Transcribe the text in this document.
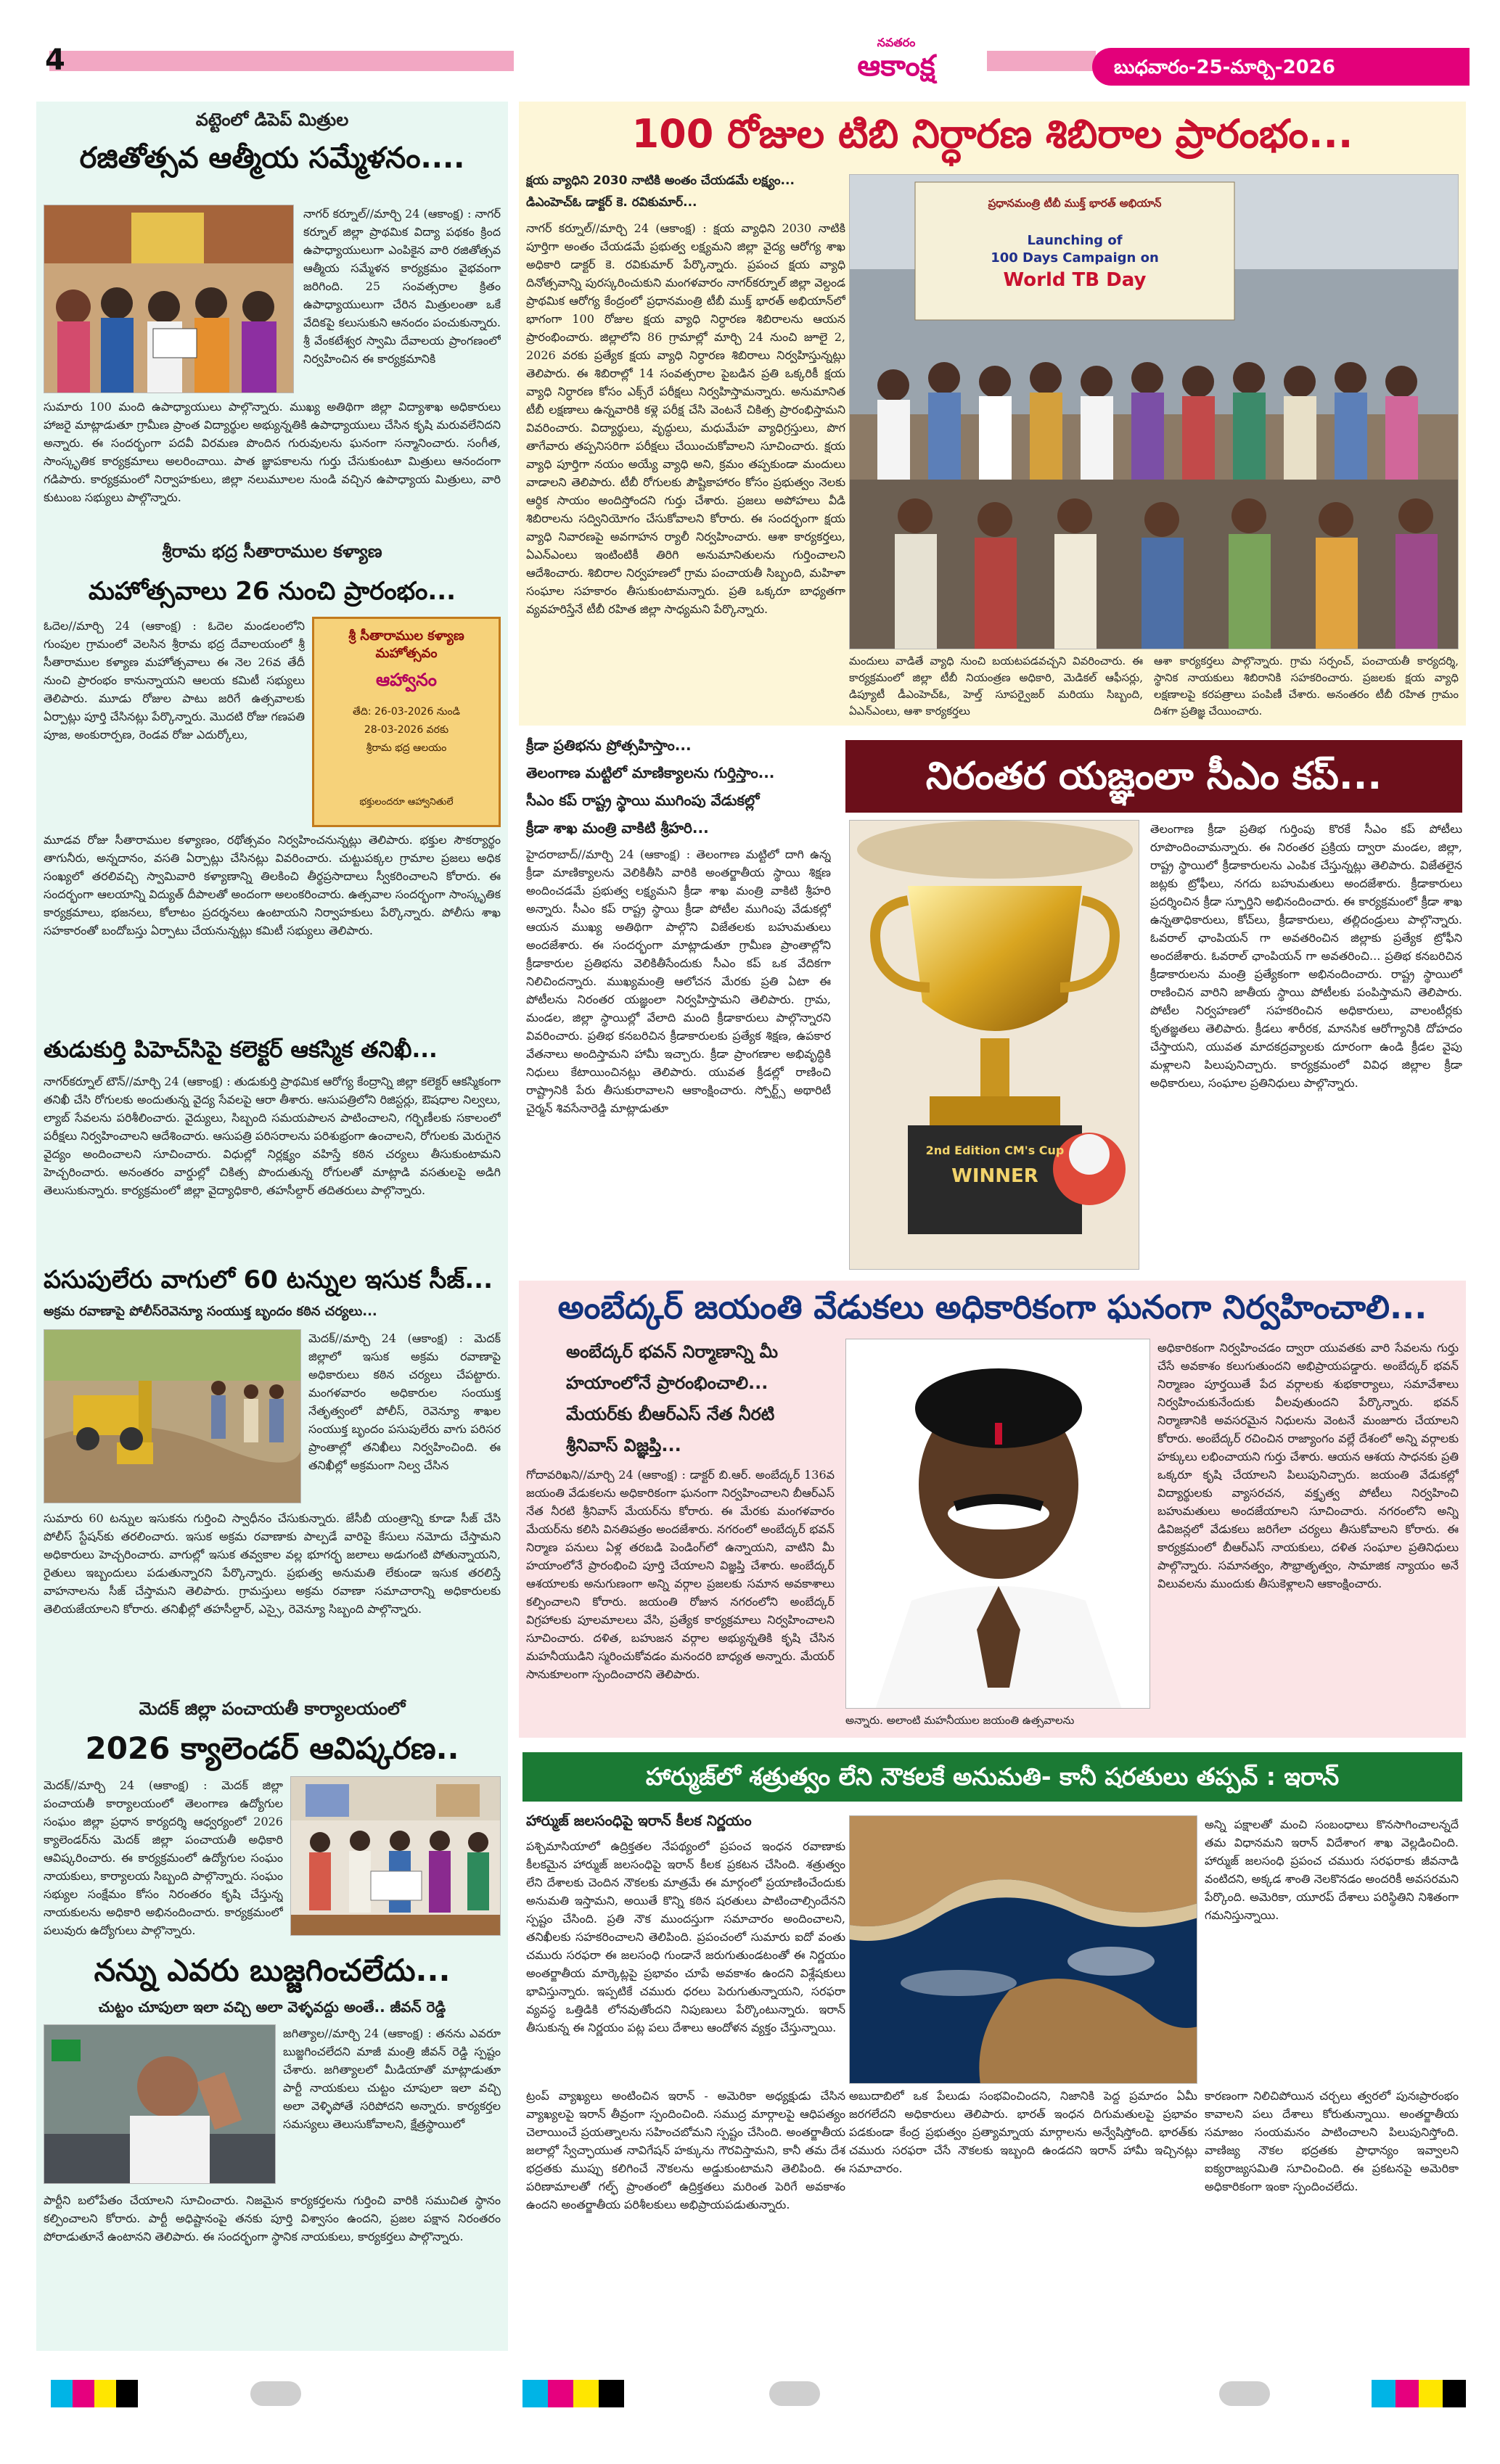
4
నవతరం
ఆకాంక్ష	బుధవారం-25-మార్చి-2026
వట్టెంలో డిపెప్ మిత్రుల
రజితోత్సవ ఆత్మీయ సమ్మేళనం....
నాగర్ కర్నూల్//మార్చి 24 (ఆకాంక్ష) : నాగర్ కర్నూల్ జిల్లా ప్రాథమిక విద్యా పథకం క్రింద ఉపాధ్యాయులుగా ఎంపికైన వారి రజితోత్సవ ఆత్మీయ సమ్మేళన కార్యక్రమం వైభవంగా జరిగింది. 25 సంవత్సరాల క్రితం ఉపాధ్యాయులుగా చేరిన మిత్రులంతా ఒకే వేదికపై కలుసుకుని ఆనందం పంచుకున్నారు. శ్రీ వేంకటేశ్వర స్వామి దేవాలయ ప్రాంగణంలో నిర్వహించిన ఈ కార్యక్రమానికి
సుమారు 100 మంది ఉపాధ్యాయులు పాల్గొన్నారు. ముఖ్య అతిథిగా జిల్లా విద్యాశాఖ అధికారులు హాజరై మాట్లాడుతూ గ్రామీణ ప్రాంత విద్యార్థుల అభ్యున్నతికి ఉపాధ్యాయులు చేసిన కృషి మరువలేనిదని అన్నారు. ఈ సందర్భంగా పదవీ విరమణ పొందిన గురువులను ఘనంగా సన్మానించారు. సంగీత, సాంస్కృతిక కార్యక్రమాలు అలరించాయి. పాత జ్ఞాపకాలను గుర్తు చేసుకుంటూ మిత్రులు ఆనందంగా గడిపారు. కార్యక్రమంలో నిర్వాహకులు, జిల్లా నలుమూలల నుండి వచ్చిన ఉపాధ్యాయ మిత్రులు, వారి కుటుంబ సభ్యులు పాల్గొన్నారు.
శ్రీరామ భద్ర సీతారాముల కళ్యాణ
మహోత్సవాలు 26 నుంచి ప్రారంభం...
ఓదెల//మార్చి 24 (ఆకాంక్ష) : ఓదెల మండలంలోని గుంపుల గ్రామంలో వెలసిన శ్రీరామ భద్ర దేవాలయంలో శ్రీ సీతారాముల కళ్యాణ మహోత్సవాలు ఈ నెల 26వ తేదీ నుంచి ప్రారంభం కానున్నాయని ఆలయ కమిటీ సభ్యులు తెలిపారు. మూడు రోజుల పాటు జరిగే ఉత్సవాలకు ఏర్పాట్లు పూర్తి చేసినట్లు పేర్కొన్నారు. మొదటి రోజు గణపతి పూజ, అంకురార్పణ, రెండవ రోజు ఎదుర్కోలు,
శ్రీ సీతారాముల కళ్యాణ మహోత్సవం
ఆహ్వానం
తేది: 26-03-2026 నుండి
28-03-2026 వరకు
శ్రీరామ భద్ర ఆలయం
భక్తులందరూ ఆహ్వానితులే
మూడవ రోజు సీతారాముల కళ్యాణం, రథోత్సవం నిర్వహించనున్నట్లు తెలిపారు. భక్తుల సౌకర్యార్థం తాగునీరు, అన్నదానం, వసతి ఏర్పాట్లు చేసినట్లు వివరించారు. చుట్టుపక్కల గ్రామాల ప్రజలు అధిక సంఖ్యలో తరలివచ్చి స్వామివారి కళ్యాణాన్ని తిలకించి తీర్థప్రసాదాలు స్వీకరించాలని కోరారు. ఈ సందర్భంగా ఆలయాన్ని విద్యుత్ దీపాలతో అందంగా అలంకరించారు. ఉత్సవాల సందర్భంగా సాంస్కృతిక కార్యక్రమాలు, భజనలు, కోలాటం ప్రదర్శనలు ఉంటాయని నిర్వాహకులు పేర్కొన్నారు. పోలీసు శాఖ సహకారంతో బందోబస్తు ఏర్పాటు చేయనున్నట్లు కమిటీ సభ్యులు తెలిపారు.
తుడుకుర్తి పిహెచ్‌సిపై కలెక్టర్ ఆకస్మిక తనిఖీ...
నాగర్‌కర్నూల్ టౌన్//మార్చి 24 (ఆకాంక్ష) : తుడుకుర్తి ప్రాథమిక ఆరోగ్య కేంద్రాన్ని జిల్లా కలెక్టర్ ఆకస్మికంగా తనిఖీ చేసి రోగులకు అందుతున్న వైద్య సేవలపై ఆరా తీశారు. ఆసుపత్రిలోని రిజిస్టర్లు, ఔషధాల నిల్వలు, ల్యాబ్ సేవలను పరిశీలించారు. వైద్యులు, సిబ్బంది సమయపాలన పాటించాలని, గర్భిణీలకు సకాలంలో పరీక్షలు నిర్వహించాలని ఆదేశించారు. ఆసుపత్రి పరిసరాలను పరిశుభ్రంగా ఉంచాలని, రోగులకు మెరుగైన వైద్యం అందించాలని సూచించారు. విధుల్లో నిర్లక్ష్యం వహిస్తే కఠిన చర్యలు తీసుకుంటామని హెచ్చరించారు. అనంతరం వార్డుల్లో చికిత్స పొందుతున్న రోగులతో మాట్లాడి వసతులపై అడిగి తెలుసుకున్నారు. కార్యక్రమంలో జిల్లా వైద్యాధికారి, తహసీల్దార్ తదితరులు పాల్గొన్నారు.
పసుపులేరు వాగులో 60 టన్నుల ఇసుక సీజ్...
అక్రమ రవాణాపై పోలీస్‌రెవెన్యూ సంయుక్త బృందం కఠిన చర్యలు...
మెదక్//మార్చి 24 (ఆకాంక్ష) : మెదక్ జిల్లాలో ఇసుక అక్రమ రవాణాపై అధికారులు కఠిన చర్యలు చేపట్టారు. మంగళవారం అధికారుల సంయుక్త నేతృత్వంలో పోలీస్, రెవెన్యూ శాఖల సంయుక్త బృందం పసుపులేరు వాగు పరిసర ప్రాంతాల్లో తనిఖీలు నిర్వహించింది. ఈ తనిఖీల్లో అక్రమంగా నిల్వ చేసిన
సుమారు 60 టన్నుల ఇసుకను గుర్తించి స్వాధీనం చేసుకున్నారు. జేసీబీ యంత్రాన్ని కూడా సీజ్ చేసి పోలీస్ స్టేషన్‌కు తరలించారు. ఇసుక అక్రమ రవాణాకు పాల్పడే వారిపై కేసులు నమోదు చేస్తామని అధికారులు హెచ్చరించారు. వాగుల్లో ఇసుక తవ్వకాల వల్ల భూగర్భ జలాలు అడుగంటి పోతున్నాయని, రైతులు ఇబ్బందులు పడుతున్నారని పేర్కొన్నారు. ప్రభుత్వ అనుమతి లేకుండా ఇసుక తరలిస్తే వాహనాలను సీజ్ చేస్తామని తెలిపారు. గ్రామస్తులు అక్రమ రవాణా సమాచారాన్ని అధికారులకు తెలియజేయాలని కోరారు. తనిఖీల్లో తహసీల్దార్, ఎస్సై, రెవెన్యూ సిబ్బంది పాల్గొన్నారు.
మెదక్ జిల్లా పంచాయతీ కార్యాలయంలో
2026 క్యాలెండర్ ఆవిష్కరణ..
మెదక్//మార్చి 24 (ఆకాంక్ష) : మెదక్ జిల్లా పంచాయతీ కార్యాలయంలో తెలంగాణ ఉద్యోగుల సంఘం జిల్లా ప్రధాన కార్యదర్శి ఆధ్వర్యంలో 2026 క్యాలెండర్‌ను మెదక్ జిల్లా పంచాయతీ అధికారి ఆవిష్కరించారు. ఈ కార్యక్రమంలో ఉద్యోగుల సంఘం నాయకులు, కార్యాలయ సిబ్బంది పాల్గొన్నారు. సంఘం సభ్యుల సంక్షేమం కోసం నిరంతరం కృషి చేస్తున్న నాయకులను అధికారి అభినందించారు. కార్యక్రమంలో పలువురు ఉద్యోగులు పాల్గొన్నారు.
నన్ను ఎవరు బుజ్జగించలేదు...
చుట్టం చూపులా ఇలా వచ్చి అలా వెళ్ళవద్దు అంతే.. జీవన్ రెడ్డి
జగిత్యాల//మార్చి 24 (ఆకాంక్ష) : తనను ఎవరూ బుజ్జగించలేదని మాజీ మంత్రి జీవన్ రెడ్డి స్పష్టం చేశారు. జగిత్యాలలో మీడియాతో మాట్లాడుతూ పార్టీ నాయకులు చుట్టం చూపులా ఇలా వచ్చి అలా వెళ్ళిపోతే సరిపోదని అన్నారు. కార్యకర్తల సమస్యలు తెలుసుకోవాలని, క్షేత్రస్థాయిలో
పార్టీని బలోపేతం చేయాలని సూచించారు. నిజమైన కార్యకర్తలను గుర్తించి వారికి సముచిత స్థానం కల్పించాలని కోరారు. పార్టీ అధిష్టానంపై తనకు పూర్తి విశ్వాసం ఉందని, ప్రజల పక్షాన నిరంతరం పోరాడుతూనే ఉంటానని తెలిపారు. ఈ సందర్భంగా స్థానిక నాయకులు, కార్యకర్తలు పాల్గొన్నారు.
100 రోజుల టిబి నిర్ధారణ శిబిరాల ప్రారంభం...
క్షయ వ్యాధిని 2030 నాటికి అంతం చేయడమే లక్ష్యం...
డిఎంహెచ్ఓ డాక్టర్ కె. రవికుమార్...
నాగర్ కర్నూల్//మార్చి 24 (ఆకాంక్ష) : క్షయ వ్యాధిని 2030 నాటికి పూర్తిగా అంతం చేయడమే ప్రభుత్వ లక్ష్యమని జిల్లా వైద్య ఆరోగ్య శాఖ అధికారి డాక్టర్ కె. రవికుమార్ పేర్కొన్నారు. ప్రపంచ క్షయ వ్యాధి దినోత్సవాన్ని పురస్కరించుకుని మంగళవారం నాగర్‌కర్నూల్ జిల్లా వెల్దండ ప్రాథమిక ఆరోగ్య కేంద్రంలో ప్రధానమంత్రి టీబీ ముక్త్ భారత్ అభియాన్‌లో భాగంగా 100 రోజుల క్షయ వ్యాధి నిర్ధారణ శిబిరాలను ఆయన ప్రారంభించారు. జిల్లాలోని 86 గ్రామాల్లో మార్చి 24 నుంచి జూలై 2, 2026 వరకు ప్రత్యేక క్షయ వ్యాధి నిర్ధారణ శిబిరాలు నిర్వహిస్తున్నట్లు తెలిపారు. ఈ శిబిరాల్లో 14 సంవత్సరాల పైబడిన ప్రతి ఒక్కరికీ క్షయ వ్యాధి నిర్ధారణ కోసం ఎక్స్‌రే పరీక్షలు నిర్వహిస్తామన్నారు. అనుమానిత టీబీ లక్షణాలు ఉన్నవారికి కళ్లె పరీక్ష చేసి వెంటనే చికిత్స ప్రారంభిస్తామని వివరించారు. విద్యార్థులు, వృద్ధులు, మధుమేహ వ్యాధిగ్రస్తులు, పొగ తాగేవారు తప్పనిసరిగా పరీక్షలు చేయించుకోవాలని సూచించారు. క్షయ వ్యాధి పూర్తిగా నయం అయ్యే వ్యాధి అని, క్రమం తప్పకుండా మందులు వాడాలని తెలిపారు. టీబీ రోగులకు పౌష్టికాహారం కోసం ప్రభుత్వం నెలకు ఆర్థిక సాయం అందిస్తోందని గుర్తు చేశారు. ప్రజలు అపోహలు వీడి శిబిరాలను సద్వినియోగం చేసుకోవాలని కోరారు. ఈ సందర్భంగా క్షయ వ్యాధి నివారణపై అవగాహన ర్యాలీ నిర్వహించారు. ఆశా కార్యకర్తలు, ఏఎన్ఎంలు ఇంటింటికీ తిరిగి అనుమానితులను గుర్తించాలని ఆదేశించారు. శిబిరాల నిర్వహణలో గ్రామ పంచాయతీ సిబ్బంది, మహిళా సంఘాల సహకారం తీసుకుంటామన్నారు. ప్రతి ఒక్కరూ బాధ్యతగా వ్యవహరిస్తేనే టీబీ రహిత జిల్లా సాధ్యమని పేర్కొన్నారు.
ప్రధానమంత్రి టీబీ ముక్త్ భారత్ అభియాన్
Launching of
100 Days Campaign on
World TB Day
మందులు వాడితే వ్యాధి నుంచి బయటపడవచ్చని వివరించారు. ఈ కార్యక్రమంలో జిల్లా టీబీ నియంత్రణ అధికారి, మెడికల్ ఆఫీసర్లు, డిప్యూటీ డీఎంహెచ్ఓ, హెల్త్ సూపర్వైజర్ మరియు సిబ్బంది, ఏఎన్ఎంలు, ఆశా కార్యకర్తలు
ఆశా కార్యకర్తలు పాల్గొన్నారు. గ్రామ సర్పంచ్, పంచాయతీ కార్యదర్శి, స్థానిక నాయకులు శిబిరానికి సహకరించారు. ప్రజలకు క్షయ వ్యాధి లక్షణాలపై కరపత్రాలు పంపిణీ చేశారు. అనంతరం టీబీ రహిత గ్రామం దిశగా ప్రతిజ్ఞ చేయించారు.
క్రీడా ప్రతిభను ప్రోత్సహిస్తాం...
తెలంగాణ మట్టిలో మాణిక్యాలను గుర్తిస్తాం...
సీఎం కప్ రాష్ట్ర స్థాయి ముగింపు వేడుకల్లో
క్రీడా శాఖ మంత్రి వాకిటి శ్రీహరి...
నిరంతర యజ్ఞంలా సీఎం కప్...
హైదరాబాద్//మార్చి 24 (ఆకాంక్ష) : తెలంగాణ మట్టిలో దాగి ఉన్న క్రీడా మాణిక్యాలను వెలికితీసి వారికి అంతర్జాతీయ స్థాయి శిక్షణ అందించడమే ప్రభుత్వ లక్ష్యమని క్రీడా శాఖ మంత్రి వాకిటి శ్రీహరి అన్నారు. సీఎం కప్ రాష్ట్ర స్థాయి క్రీడా పోటీల ముగింపు వేడుకల్లో ఆయన ముఖ్య అతిథిగా పాల్గొని విజేతలకు బహుమతులు అందజేశారు. ఈ సందర్భంగా మాట్లాడుతూ గ్రామీణ ప్రాంతాల్లోని క్రీడాకారుల ప్రతిభను వెలికితీసేందుకు సీఎం కప్ ఒక వేదికగా నిలిచిందన్నారు. ముఖ్యమంత్రి ఆలోచన మేరకు ప్రతి ఏటా ఈ పోటీలను నిరంతర యజ్ఞంలా నిర్వహిస్తామని తెలిపారు. గ్రామ, మండల, జిల్లా స్థాయిల్లో వేలాది మంది క్రీడాకారులు పాల్గొన్నారని వివరించారు. ప్రతిభ కనబరిచిన క్రీడాకారులకు ప్రత్యేక శిక్షణ, ఉపకార వేతనాలు అందిస్తామని హామీ ఇచ్చారు. క్రీడా ప్రాంగణాల అభివృద్ధికి నిధులు కేటాయించినట్లు తెలిపారు. యువత క్రీడల్లో రాణించి రాష్ట్రానికి పేరు తీసుకురావాలని ఆకాంక్షించారు. స్పోర్ట్స్ అథారిటీ చైర్మన్ శివసేనారెడ్డి మాట్లాడుతూ
2nd Edition CM's Cup
WINNER
తెలంగాణ క్రీడా ప్రతిభ గుర్తింపు కొరకే సీఎం కప్ పోటీలు రూపొందించామన్నారు. ఈ నిరంతర ప్రక్రియ ద్వారా మండల, జిల్లా, రాష్ట్ర స్థాయిలో క్రీడాకారులను ఎంపిక చేస్తున్నట్లు తెలిపారు. విజేతలైన జట్లకు ట్రోఫీలు, నగదు బహుమతులు అందజేశారు. క్రీడాకారులు ప్రదర్శించిన క్రీడా స్ఫూర్తిని అభినందించారు. ఈ కార్యక్రమంలో క్రీడా శాఖ ఉన్నతాధికారులు, కోచ్‌లు, క్రీడాకారులు, తల్లిదండ్రులు పాల్గొన్నారు. ఓవరాల్ ఛాంపియన్ గా అవతరించిన జిల్లాకు ప్రత్యేక ట్రోఫీని అందజేశారు. ఓవరాల్ ఛాంపియన్ గా అవతరించి... ప్రతిభ కనబరిచిన క్రీడాకారులను మంత్రి ప్రత్యేకంగా అభినందించారు. రాష్ట్ర స్థాయిలో రాణించిన వారిని జాతీయ స్థాయి పోటీలకు పంపిస్తామని తెలిపారు. పోటీల నిర్వహణలో సహకరించిన అధికారులు, వాలంటీర్లకు కృతజ్ఞతలు తెలిపారు. క్రీడలు శారీరక, మానసిక ఆరోగ్యానికి దోహదం చేస్తాయని, యువత మాదకద్రవ్యాలకు దూరంగా ఉండి క్రీడల వైపు మళ్లాలని పిలుపునిచ్చారు. కార్యక్రమంలో వివిధ జిల్లాల క్రీడా అధికారులు, సంఘాల ప్రతినిధులు పాల్గొన్నారు.
అంబేద్కర్ జయంతి వేడుకలు అధికారికంగా ఘనంగా నిర్వహించాలి...
అంబేద్కర్ భవన్ నిర్మాణాన్ని మీ
హయాంలోనే ప్రారంభించాలి...
మేయర్‌కు బీఆర్ఎస్ నేత నీరటి
శ్రీనివాస్ విజ్ఞప్తి...
గోదావరిఖని//మార్చి 24 (ఆకాంక్ష) : డాక్టర్ బి.ఆర్. అంబేద్కర్ 136వ జయంతి వేడుకలను అధికారికంగా ఘనంగా నిర్వహించాలని బీఆర్ఎస్ నేత నీరటి శ్రీనివాస్ మేయర్‌ను కోరారు. ఈ మేరకు మంగళవారం మేయర్‌ను కలిసి వినతిపత్రం అందజేశారు. నగరంలో అంబేద్కర్ భవన్ నిర్మాణ పనులు ఏళ్ల తరబడి పెండింగ్‌లో ఉన్నాయని, వాటిని మీ హయాంలోనే ప్రారంభించి పూర్తి చేయాలని విజ్ఞప్తి చేశారు. అంబేద్కర్ ఆశయాలకు అనుగుణంగా అన్ని వర్గాల ప్రజలకు సమాన అవకాశాలు కల్పించాలని కోరారు. జయంతి రోజున నగరంలోని అంబేద్కర్ విగ్రహాలకు పూలమాలలు వేసి, ప్రత్యేక కార్యక్రమాలు నిర్వహించాలని సూచించారు. దళిత, బహుజన వర్గాల అభ్యున్నతికి కృషి చేసిన మహనీయుడిని స్మరించుకోవడం మనందరి బాధ్యత అన్నారు. మేయర్ సానుకూలంగా స్పందించారని తెలిపారు.
అన్నారు. అలాంటి మహనీయుల జయంతి ఉత్సవాలను
అధికారికంగా నిర్వహించడం ద్వారా యువతకు వారి సేవలను గుర్తు చేసే అవకాశం కలుగుతుందని అభిప్రాయపడ్డారు. అంబేద్కర్ భవన్ నిర్మాణం పూర్తయితే పేద వర్గాలకు శుభకార్యాలు, సమావేశాలు నిర్వహించుకునేందుకు వీలవుతుందని పేర్కొన్నారు. భవన్ నిర్మాణానికి అవసరమైన నిధులను వెంటనే మంజూరు చేయాలని కోరారు. అంబేద్కర్ రచించిన రాజ్యాంగం వల్లే దేశంలో అన్ని వర్గాలకు హక్కులు లభించాయని గుర్తు చేశారు. ఆయన ఆశయ సాధనకు ప్రతి ఒక్కరూ కృషి చేయాలని పిలుపునిచ్చారు. జయంతి వేడుకల్లో విద్యార్థులకు వ్యాసరచన, వక్తృత్వ పోటీలు నిర్వహించి బహుమతులు అందజేయాలని సూచించారు. నగరంలోని అన్ని డివిజన్లలో వేడుకలు జరిగేలా చర్యలు తీసుకోవాలని కోరారు. ఈ కార్యక్రమంలో బీఆర్ఎస్ నాయకులు, దళిత సంఘాల ప్రతినిధులు పాల్గొన్నారు. సమానత్వం, సౌభ్రాతృత్వం, సామాజిక న్యాయం అనే విలువలను ముందుకు తీసుకెళ్లాలని ఆకాంక్షించారు.
హార్ముజ్‌లో శత్రుత్వం లేని నౌకలకే అనుమతి- కానీ షరతులు తప్పవ్ : ఇరాన్
హార్ముజ్ జలసంధిపై ఇరాన్ కీలక నిర్ణయం
పశ్చిమాసియాలో ఉద్రిక్తతల నేపథ్యంలో ప్రపంచ ఇంధన రవాణాకు కీలకమైన హార్ముజ్ జలసంధిపై ఇరాన్ కీలక ప్రకటన చేసింది. శత్రుత్వం లేని దేశాలకు చెందిన నౌకలకు మాత్రమే ఈ మార్గంలో ప్రయాణించేందుకు అనుమతి ఇస్తామని, అయితే కొన్ని కఠిన షరతులు పాటించాల్సిందేనని స్పష్టం చేసింది. ప్రతి నౌక ముందస్తుగా సమాచారం అందించాలని, తనిఖీలకు సహకరించాలని తెలిపింది. ప్రపంచంలో సుమారు ఐదో వంతు చమురు సరఫరా ఈ జలసంధి గుండానే జరుగుతుండటంతో ఈ నిర్ణయం అంతర్జాతీయ మార్కెట్లపై ప్రభావం చూపే అవకాశం ఉందని విశ్లేషకులు భావిస్తున్నారు. ఇప్పటికే చమురు ధరలు పెరుగుతున్నాయని, సరఫరా వ్యవస్థ ఒత్తిడికి లోనవుతోందని నిపుణులు పేర్కొంటున్నారు. ఇరాన్ తీసుకున్న ఈ నిర్ణయం పట్ల పలు దేశాలు ఆందోళన వ్యక్తం చేస్తున్నాయి.
అన్ని పక్షాలతో మంచి సంబంధాలు కొనసాగించాలన్నదే తమ విధానమని ఇరాన్ విదేశాంగ శాఖ వెల్లడించింది. హార్ముజ్ జలసంధి ప్రపంచ చమురు సరఫరాకు జీవనాడి వంటిదని, అక్కడ శాంతి నెలకొనడం అందరికీ అవసరమని పేర్కొంది. అమెరికా, యూరప్ దేశాలు పరిస్థితిని నిశితంగా గమనిస్తున్నాయి.
ట్రంప్ వ్యాఖ్యలు అంటించిన ఇరాన్ - అమెరికా అధ్యక్షుడు చేసిన వ్యాఖ్యలపై ఇరాన్ తీవ్రంగా స్పందించింది. సముద్ర మార్గాలపై ఆధిపత్యం చెలాయించే ప్రయత్నాలను సహించబోమని స్పష్టం చేసింది. అంతర్జాతీయ జలాల్లో స్వేచ్ఛాయుత నావిగేషన్ హక్కును గౌరవిస్తామని, కానీ తమ దేశ భద్రతకు ముప్పు కలిగించే నౌకలను అడ్డుకుంటామని తెలిపింది. ఈ పరిణామాలతో గల్ఫ్ ప్రాంతంలో ఉద్రిక్తతలు మరింత పెరిగే అవకాశం ఉందని అంతర్జాతీయ పరిశీలకులు అభిప్రాయపడుతున్నారు.
అబుదాబిలో ఒక పేలుడు సంభవించిందని, నిజానికి పెద్ద ప్రమాదం ఏమీ జరగలేదని అధికారులు తెలిపారు. భారత్ ఇంధన దిగుమతులపై ప్రభావం పడకుండా కేంద్ర ప్రభుత్వం ప్రత్యామ్నాయ మార్గాలను అన్వేషిస్తోంది. భారత్‌కు చమురు సరఫరా చేసే నౌకలకు ఇబ్బంది ఉండదని ఇరాన్ హామీ ఇచ్చినట్లు సమాచారం.
కారణంగా నిలిచిపోయిన చర్చలు త్వరలో పునఃప్రారంభం కావాలని పలు దేశాలు కోరుతున్నాయి. అంతర్జాతీయ సమాజం సంయమనం పాటించాలని పిలుపునిస్తోంది. వాణిజ్య నౌకల భద్రతకు ప్రాధాన్యం ఇవ్వాలని ఐక్యరాజ్యసమితి సూచించింది. ఈ ప్రకటనపై అమెరికా అధికారికంగా ఇంకా స్పందించలేదు.
